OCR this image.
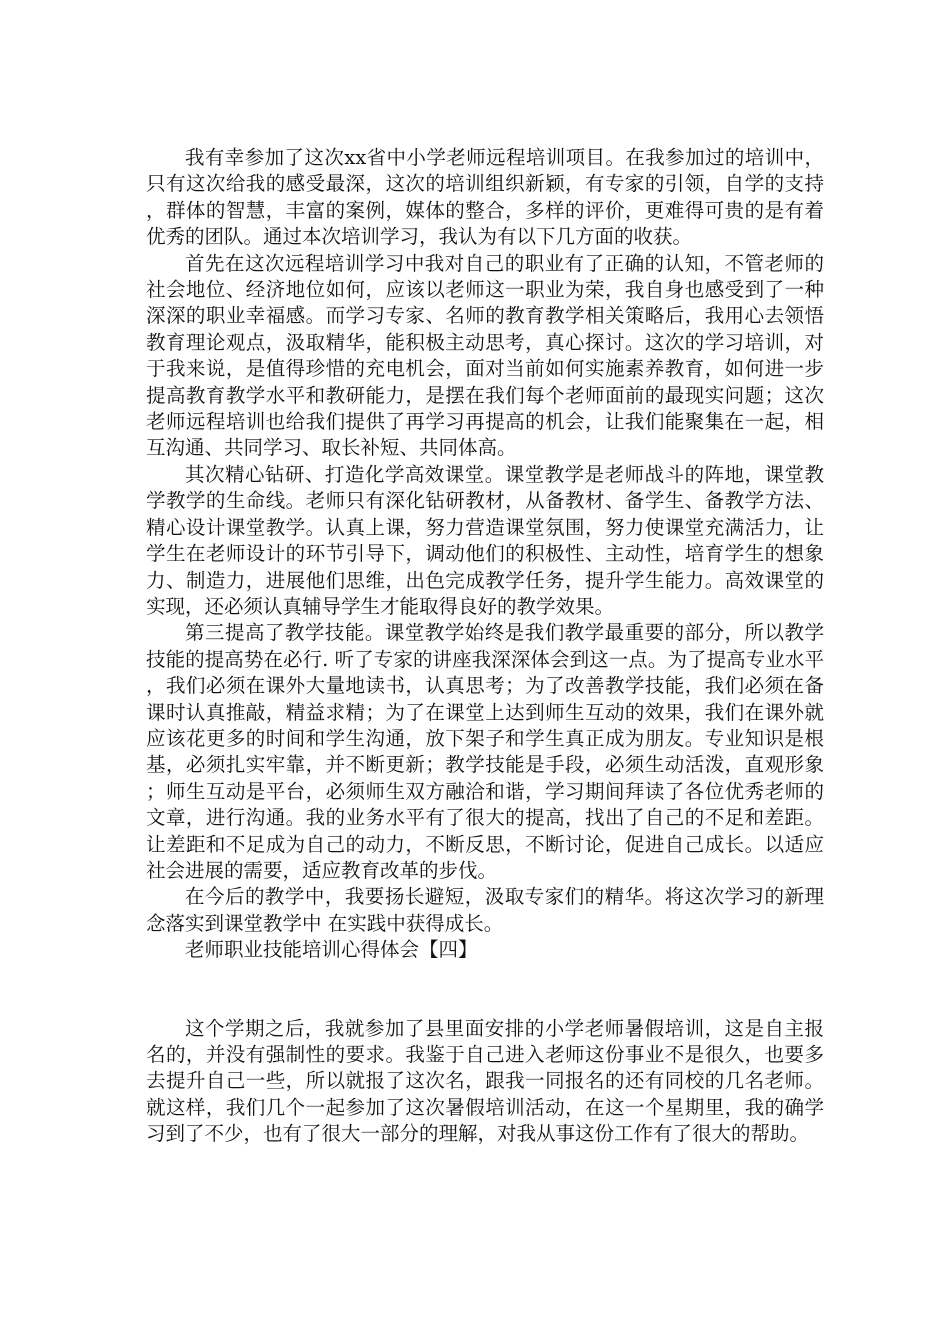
我有幸参加了这次xx省中小学老师远程培训项目。在我参加过的培训中，只有这次给我的感受最深，这次的培训组织新颖，有专家的引领，自学的支持，群体的智慧，丰富的案例，媒体的整合，多样的评价，更难得可贵的是有着优秀的团队。通过本次培训学习，我认为有以下几方面的收获。

首先在这次远程培训学习中我对自己的职业有了正确的认知，不管老师的社会地位、经济地位如何，应该以老师这一职业为荣，我自身也感受到了一种深深的职业幸福感。而学习专家、名师的教育教学相关策略后，我用心去领悟教育理论观点，汲取精华，能积极主动思考，真心探讨。这次的学习培训，对于我来说，是值得珍惜的充电机会，面对当前如何实施素养教育，如何进一步提高教育教学水平和教研能力，是摆在我们每个老师面前的最现实问题；这次老师远程培训也给我们提供了再学习再提高的机会，让我们能聚集在一起，相互沟通、共同学习、取长补短、共同体高。

其次精心钻研、打造化学高效课堂。课堂教学是老师战斗的阵地，课堂教学教学的生命线。老师只有深化钻研教材，从备教材、备学生、备教学方法、精心设计课堂教学。认真上课，努力营造课堂氛围，努力使课堂充满活力，让学生在老师设计的环节引导下，调动他们的积极性、主动性，培育学生的想象力、制造力，进展他们思维，出色完成教学任务，提升学生能力。高效课堂的实现，还必须认真辅导学生才能取得良好的教学效果。

第三提高了教学技能。课堂教学始终是我们教学最重要的部分，所以教学技能的提高势在必行. 听了专家的讲座我深深体会到这一点。为了提高专业水平，我们必须在课外大量地读书，认真思考；为了改善教学技能，我们必须在备课时认真推敲，精益求精；为了在课堂上达到师生互动的效果，我们在课外就应该花更多的时间和学生沟通，放下架子和学生真正成为朋友。专业知识是根基，必须扎实牢靠，并不断更新；教学技能是手段，必须生动活泼，直观形象；师生互动是平台，必须师生双方融洽和谐，学习期间拜读了各位优秀老师的文章，进行沟通。我的业务水平有了很大的提高，找出了自己的不足和差距。让差距和不足成为自己的动力，不断反思，不断讨论，促进自己成长。以适应社会进展的需要，适应教育改革的步伐。

在今后的教学中，我要扬长避短，汲取专家们的精华。将这次学习的新理念落实到课堂教学中 在实践中获得成长。

老师职业技能培训心得体会【四】

这个学期之后，我就参加了县里面安排的小学老师暑假培训，这是自主报名的，并没有强制性的要求。我鉴于自己进入老师这份事业不是很久，也要多去提升自己一些，所以就报了这次名，跟我一同报名的还有同校的几名老师。就这样，我们几个一起参加了这次暑假培训活动，在这一个星期里，我的确学习到了不少，也有了很大一部分的理解，对我从事这份工作有了很大的帮助。
